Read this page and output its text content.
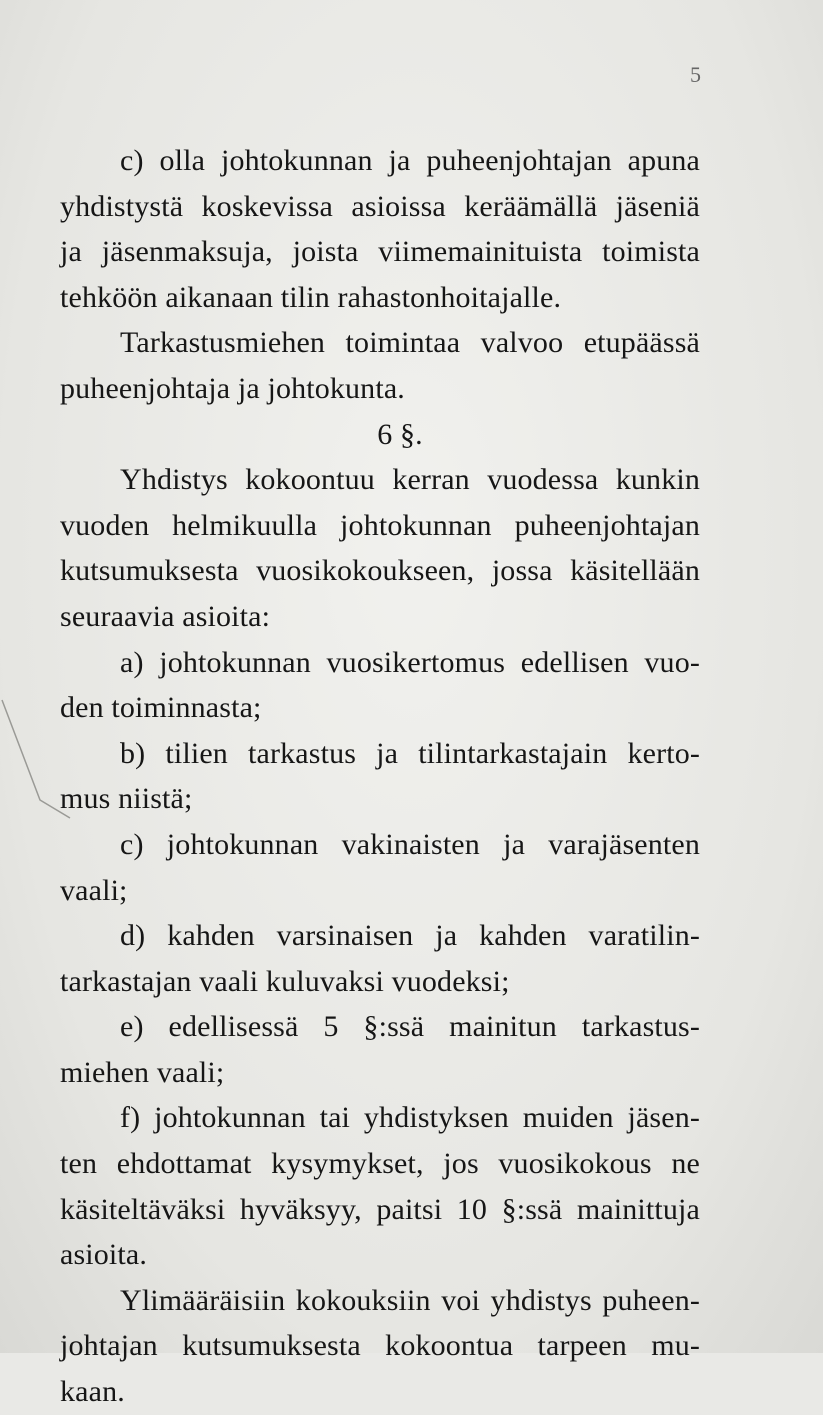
5

c) olla johtokunnan ja puheenjohtajan apuna

yhdistystä koskevissa asioissa keräämällä jäseniä

ja jäsenmaksuja, joista viimemainituista toimista

tehköön aikanaan tilin rahastonhoitajalle.

Tarkastusmiehen toimintaa valvoo etupäässä

puheenjohtaja ja johtokunta.

6 §.

Yhdistys kokoontuu kerran vuodessa kunkin

vuoden helmikuulla johtokunnan puheenjohtajan

kutsumuksesta vuosikokoukseen, jossa käsitellään

seuraavia asioita:

a) johtokunnan vuosikertomus edellisen vuo-

den toiminnasta;

b) tilien tarkastus ja tilintarkastajain kerto-

mus niistä;

c) johtokunnan vakinaisten ja varajäsenten

vaali;

d) kahden varsinaisen ja kahden varatilin-

tarkastajan vaali kuluvaksi vuodeksi;

e) edellisessä 5 §:ssä mainitun tarkastus-

miehen vaali;

f) johtokunnan tai yhdistyksen muiden jäsen-

ten ehdottamat kysymykset, jos vuosikokous ne

käsiteltäväksi hyväksyy, paitsi 10 §:ssä mainittuja

asioita.

Ylimääräisiin kokouksiin voi yhdistys puheen-

johtajan kutsumuksesta kokoontua tarpeen mu-

kaan.
